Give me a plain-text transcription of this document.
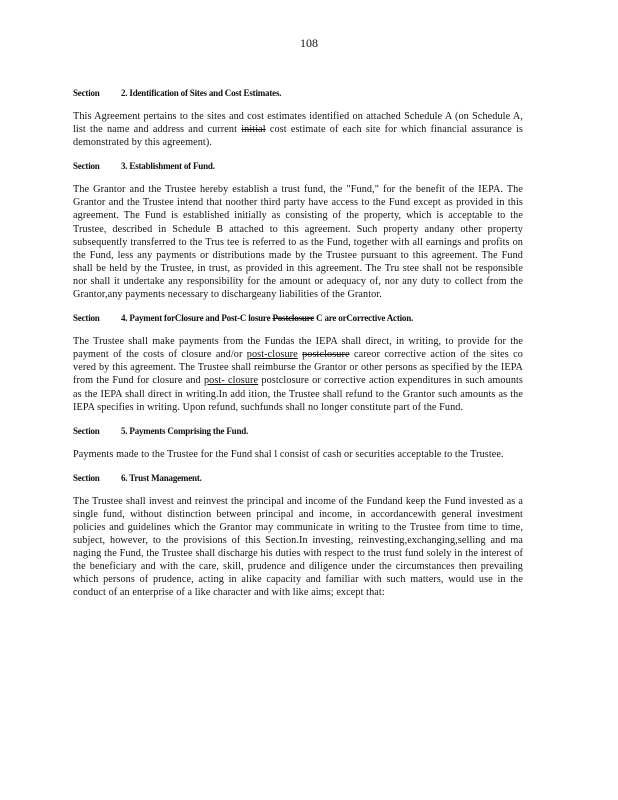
108

Section	2. Identification of Sites and Cost Estimates.

This Agreement pertains to the sites and cost estimates identified on attached Schedule A (on Schedule A, list the name and address and current initial cost estimate of each site for which financial assurance is demonstrated by this agreement).

Section	3. Establishment of Fund.

The Grantor and the Trustee hereby establish a trust fund, the "Fund," for the benefit of the IEPA. The Grantor and the Trustee intend that noother third party have access to the Fund except as provided in this agreement. The Fund is established initially as consisting of the property, which is acceptable to the Trustee, described in Schedule B attached to this agreement. Such property andany other property subsequently transferred to the Trus tee is referred to as the Fund, together with all earnings and profits on the Fund, less any payments or distributions made by the Trustee pursuant to this agreement. The Fund shall be held by the Trustee, in trust, as provided in this agreement. The Tru stee shall not be responsible nor shall it undertake any responsibility for the amount or adequacy of, nor any duty to collect from the Grantor,any payments necessary to dischargeany liabilities of the Grantor.

Section	4. Payment forClosure and Post-C losure Postclosure C are orCorrective Action.

The Trustee shall make payments from the Fundas the IEPA shall direct, in writing, to provide for the payment of the costs of closure and/or post-closure postclosure careor corrective action of the sites co vered by this agreement. The Trustee shall reimburse the Grantor or other persons as specified by the IEPA from the Fund for closure and post- closure postclosure or corrective action expenditures in such amounts as the IEPA shall direct in writing.In add ition, the Trustee shall refund to the Grantor such amounts as the IEPA specifies in writing. Upon refund, suchfunds shall no longer constitute part of the Fund.

Section	5. Payments Comprising the Fund.

Payments made to the Trustee for the Fund shal l consist of cash or securities acceptable to the Trustee.

Section	6. Trust Management.

The Trustee shall invest and reinvest the principal and income of the Fundand keep the Fund invested as a single fund, without distinction between principal and income, in accordancewith general investment policies and guidelines which the Grantor may communicate in writing to the Trustee from time to time, subject, however, to the provisions of this Section.In investing, reinvesting,exchanging,selling and ma naging the Fund, the Trustee shall discharge his duties with respect to the trust fund solely in the interest of the beneficiary and with the care, skill, prudence and diligence under the circumstances then prevailing which persons of prudence, acting in alike capacity and familiar with such matters, would use in the conduct of an enterprise of a like character and with like aims; except that:
